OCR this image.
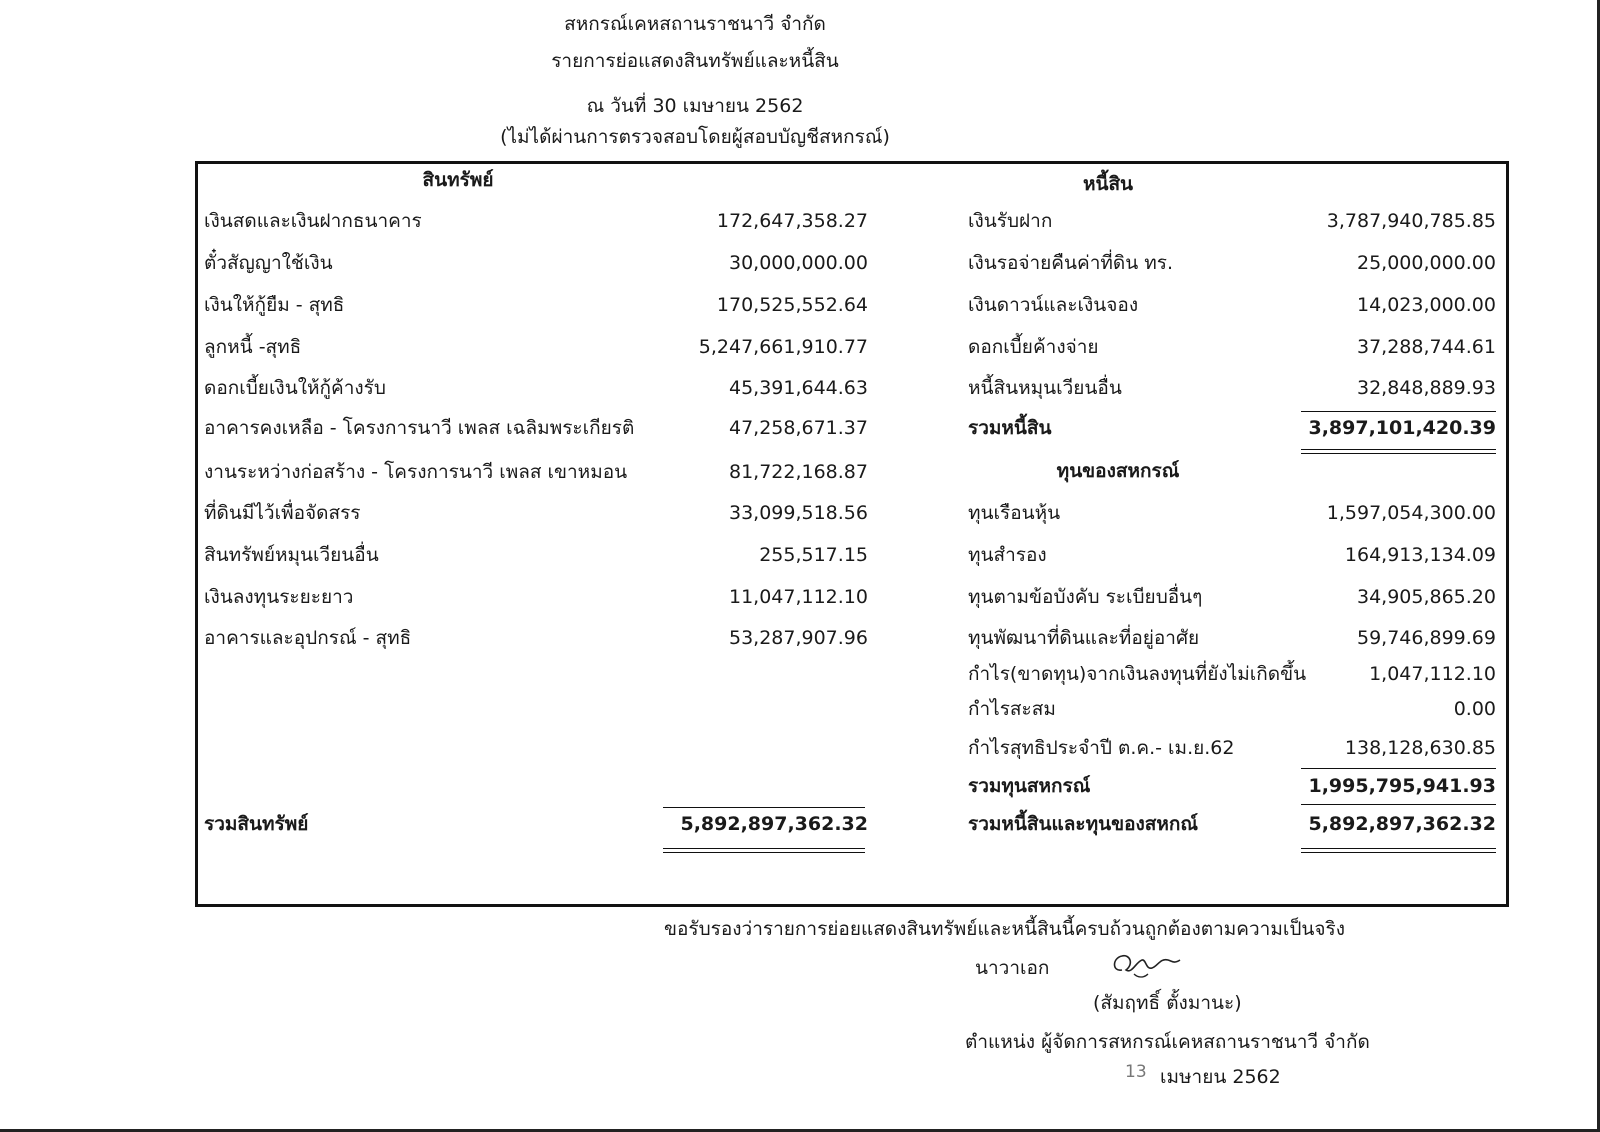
สหกรณ์เคหสถานราชนาวี จำกัด
รายการย่อแสดงสินทรัพย์และหนี้สิน
ณ วันที่ 30 เมษายน 2562
(ไม่ได้ผ่านการตรวจสอบโดยผู้สอบบัญชีสหกรณ์)
สินทรัพย์	หนี้สิน
เงินสดและเงินฝากธนาคาร	172,647,358.27
ตั๋วสัญญาใช้เงิน	30,000,000.00
เงินให้กู้ยืม - สุทธิ	170,525,552.64
ลูกหนี้ -สุทธิ	5,247,661,910.77
ดอกเบี้ยเงินให้กู้ค้างรับ	45,391,644.63
อาคารคงเหลือ - โครงการนาวี เพลส เฉลิมพระเกียรติ	47,258,671.37
งานระหว่างก่อสร้าง - โครงการนาวี เพลส เขาหมอน	81,722,168.87
ที่ดินมีไว้เพื่อจัดสรร	33,099,518.56
สินทรัพย์หมุนเวียนอื่น	255,517.15
เงินลงทุนระยะยาว	11,047,112.10
อาคารและอุปกรณ์ - สุทธิ	53,287,907.96
รวมสินทรัพย์	5,892,897,362.32
เงินรับฝาก	3,787,940,785.85
เงินรอจ่ายคืนค่าที่ดิน ทร.	25,000,000.00
เงินดาวน์และเงินจอง	14,023,000.00
ดอกเบี้ยค้างจ่าย	37,288,744.61
หนี้สินหมุนเวียนอื่น	32,848,889.93
รวมหนี้สิน	3,897,101,420.39
ทุนของสหกรณ์
ทุนเรือนหุ้น	1,597,054,300.00
ทุนสำรอง	164,913,134.09
ทุนตามข้อบังคับ ระเบียบอื่นๆ	34,905,865.20
ทุนพัฒนาที่ดินและที่อยู่อาศัย	59,746,899.69
กำไร(ขาดทุน)จากเงินลงทุนที่ยังไม่เกิดขึ้น	1,047,112.10
กำไรสะสม	0.00
กำไรสุทธิประจำปี ต.ค.- เม.ย.62	138,128,630.85
รวมทุนสหกรณ์	1,995,795,941.93
รวมหนี้สินและทุนของสหกณ์	5,892,897,362.32
ขอรับรองว่ารายการย่อยแสดงสินทรัพย์และหนี้สินนี้ครบถ้วนถูกต้องตามความเป็นจริง
นาวาเอก
(สัมฤทธิ์ ตั้งมานะ)
ตำแหน่ง ผู้จัดการสหกรณ์เคหสถานราชนาวี จำกัด
13 เมษายน 2562
